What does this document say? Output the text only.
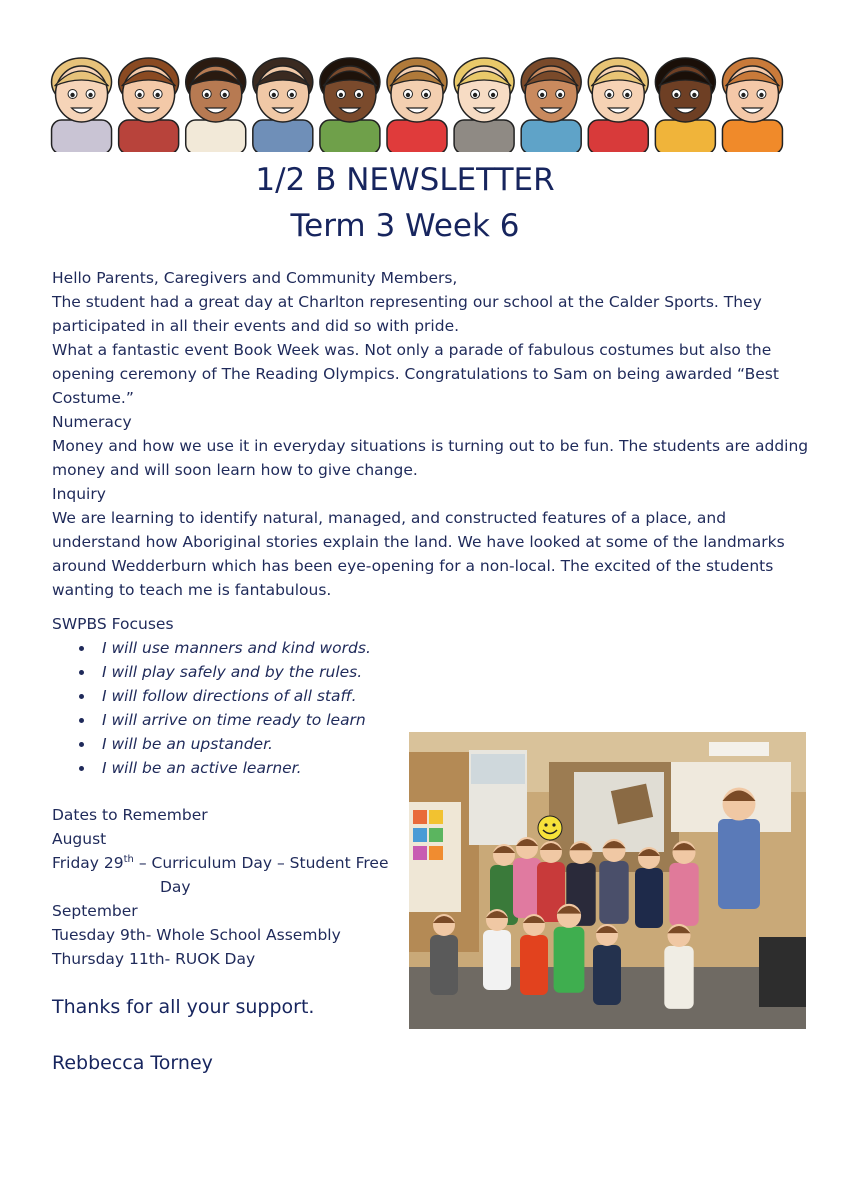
1/2 B NEWSLETTER
Term 3 Week 6

Hello Parents, Caregivers and Community Members,

The student had a great day at Charlton representing our school at the Calder Sports. They participated in all their events and did so with pride.

What a fantastic event Book Week was. Not only a parade of fabulous costumes but also the opening ceremony of The Reading Olympics. Congratulations to Sam on being awarded “Best Costume.”

Numeracy

Money and how we use it in everyday situations is turning out to be fun. The students are adding money and will soon learn how to give change.

Inquiry

We are learning to identify natural, managed, and constructed features of a place, and understand how Aboriginal stories explain the land. We have looked at some of the landmarks around Wedderburn which has been eye-opening for a non-local. The excited of the students wanting to teach me is fantabulous.

SWPBS Focuses

I will use manners and kind words.
I will play safely and by the rules.
I will follow directions of all staff.
I will arrive on time ready to learn
I will be an upstander.
I will be an active learner.

Dates to Remember

August

Friday 29th – Curriculum Day – Student Free

Day

September

Tuesday 9th- Whole School Assembly

Thursday 11th- RUOK Day

Thanks for all your support.
Rebbecca Torney
